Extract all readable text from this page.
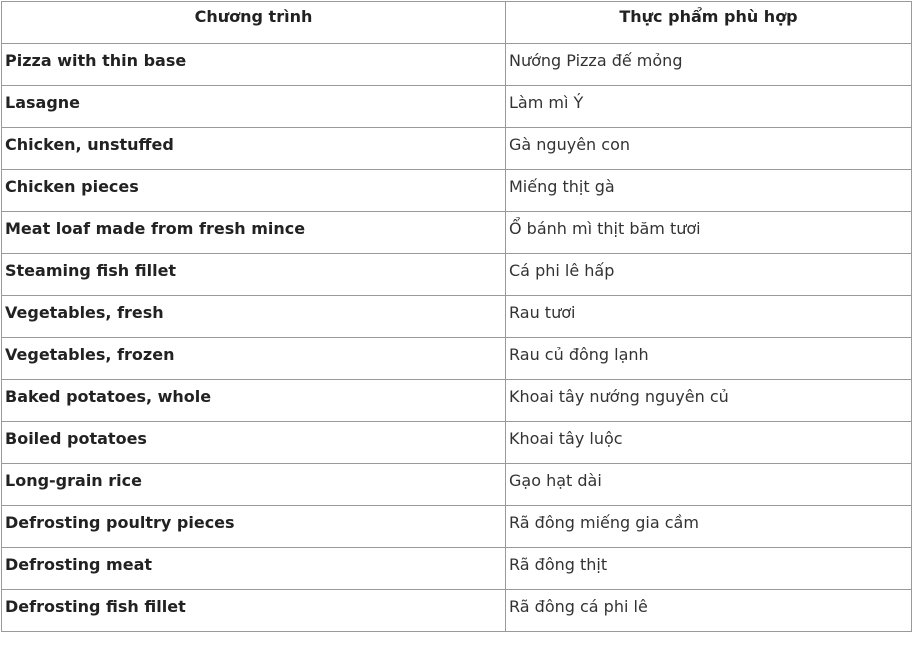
Chương trình	Thực phẩm phù hợp
Pizza with thin base	Nướng Pizza đế mỏng
Lasagne	Làm mì Ý
Chicken, unstuffed	Gà nguyên con
Chicken pieces	Miếng thịt gà
Meat loaf made from fresh mince	Ổ bánh mì thịt băm tươi
Steaming fish fillet	Cá phi lê hấp
Vegetables, fresh	Rau tươi
Vegetables, frozen	Rau củ đông lạnh
Baked potatoes, whole	Khoai tây nướng nguyên củ
Boiled potatoes	Khoai tây luộc
Long-grain rice	Gạo hạt dài
Defrosting poultry pieces	Rã đông miếng gia cầm
Defrosting meat	Rã đông thịt
Defrosting fish fillet	Rã đông cá phi lê
